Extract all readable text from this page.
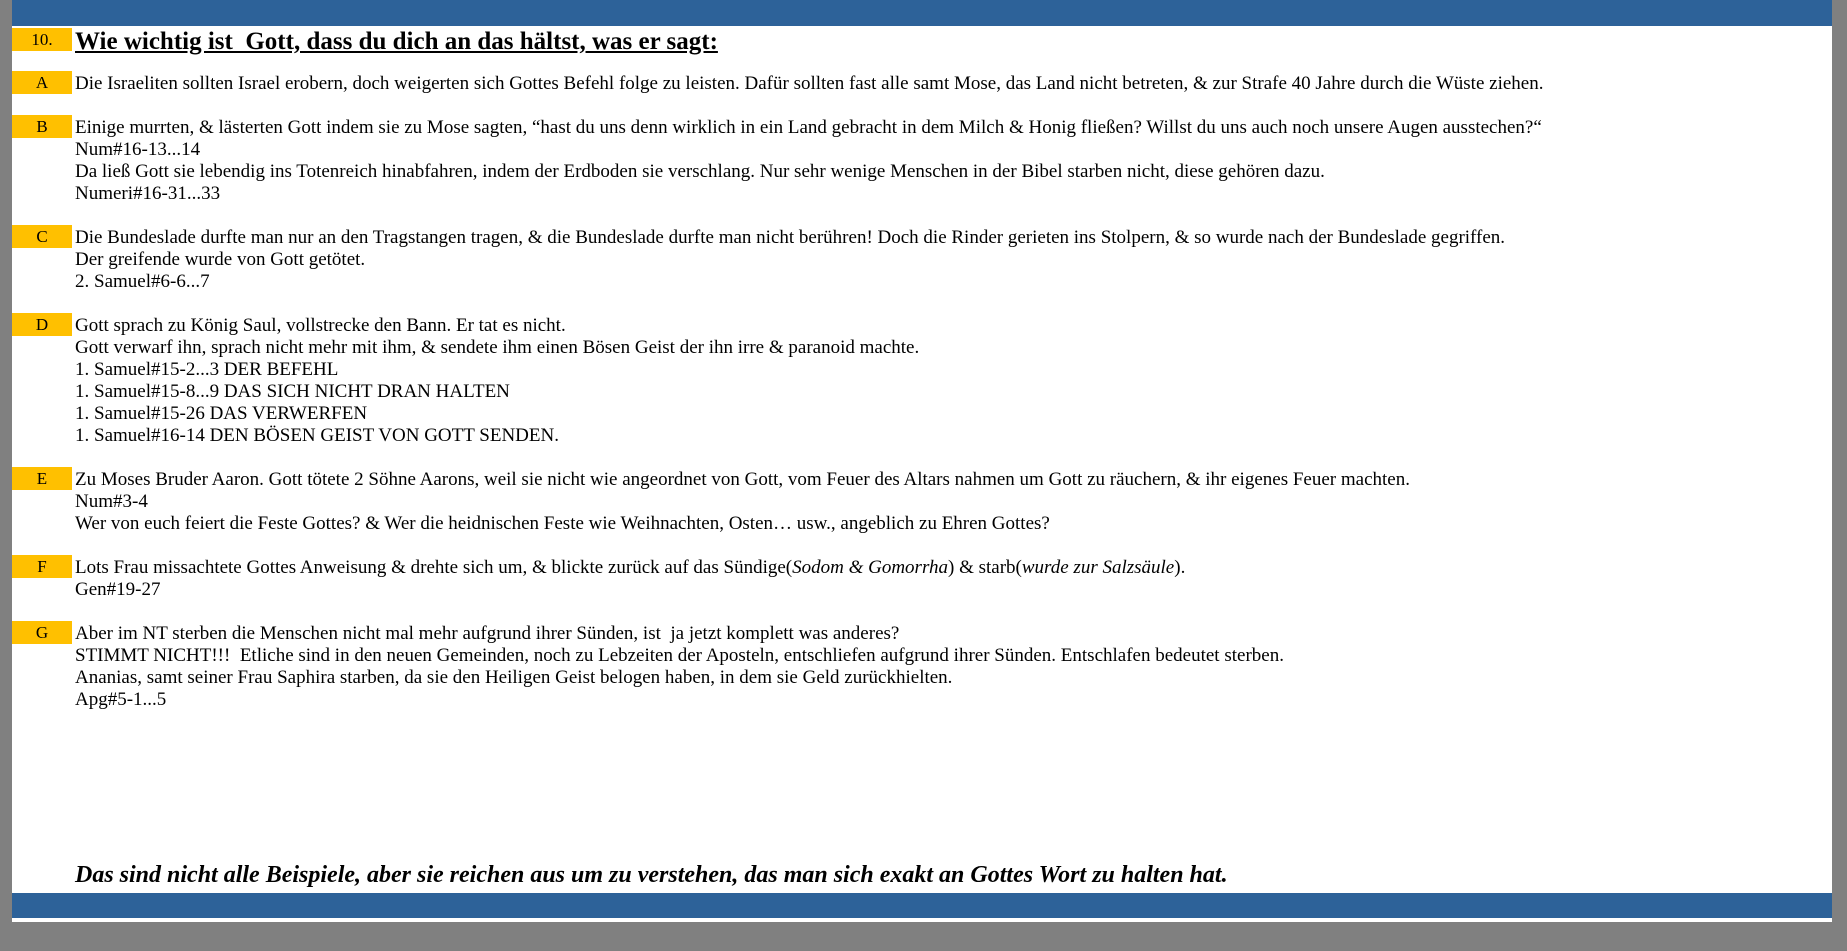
10. Wie wichtig ist  Gott, dass du dich an das hältst, was er sagt:
A	Die Israeliten sollten Israel erobern, doch weigerten sich Gottes Befehl folge zu leisten. Dafür sollten fast alle samt Mose, das Land nicht betreten, & zur Strafe 40 Jahre durch die Wüste ziehen.
B	Einige murrten, & lästerten Gott indem sie zu Mose sagten, “hast du uns denn wirklich in ein Land gebracht in dem Milch & Honig fließen? Willst du uns auch noch unsere Augen ausstechen?“
Num#16-13...14
Da ließ Gott sie lebendig ins Totenreich hinabfahren, indem der Erdboden sie verschlang. Nur sehr wenige Menschen in der Bibel starben nicht, diese gehören dazu.
Numeri#16-31...33
C	Die Bundeslade durfte man nur an den Tragstangen tragen, & die Bundeslade durfte man nicht berühren! Doch die Rinder gerieten ins Stolpern, & so wurde nach der Bundeslade gegriffen.
Der greifende wurde von Gott getötet.
2. Samuel#6-6...7
D	Gott sprach zu König Saul, vollstrecke den Bann. Er tat es nicht.
Gott verwarf ihn, sprach nicht mehr mit ihm, & sendete ihm einen Bösen Geist der ihn irre & paranoid machte.
1. Samuel#15-2...3 DER BEFEHL
1. Samuel#15-8...9 DAS SICH NICHT DRAN HALTEN
1. Samuel#15-26 DAS VERWERFEN
1. Samuel#16-14 DEN BÖSEN GEIST VON GOTT SENDEN.
E	Zu Moses Bruder Aaron. Gott tötete 2 Söhne Aarons, weil sie nicht wie angeordnet von Gott, vom Feuer des Altars nahmen um Gott zu räuchern, & ihr eigenes Feuer machten.
Num#3-4
Wer von euch feiert die Feste Gottes? & Wer die heidnischen Feste wie Weihnachten, Osten… usw., angeblich zu Ehren Gottes?
F	Lots Frau missachtete Gottes Anweisung & drehte sich um, & blickte zurück auf das Sündige(Sodom & Gomorrha) & starb(wurde zur Salzsäule).
Gen#19-27
G	Aber im NT sterben die Menschen nicht mal mehr aufgrund ihrer Sünden, ist  ja jetzt komplett was anderes?
STIMMT NICHT!!!  Etliche sind in den neuen Gemeinden, noch zu Lebzeiten der Aposteln, entschliefen aufgrund ihrer Sünden. Entschlafen bedeutet sterben.
Ananias, samt seiner Frau Saphira starben, da sie den Heiligen Geist belogen haben, in dem sie Geld zurückhielten.
Apg#5-1...5
Das sind nicht alle Beispiele, aber sie reichen aus um zu verstehen, das man sich exakt an Gottes Wort zu halten hat.
